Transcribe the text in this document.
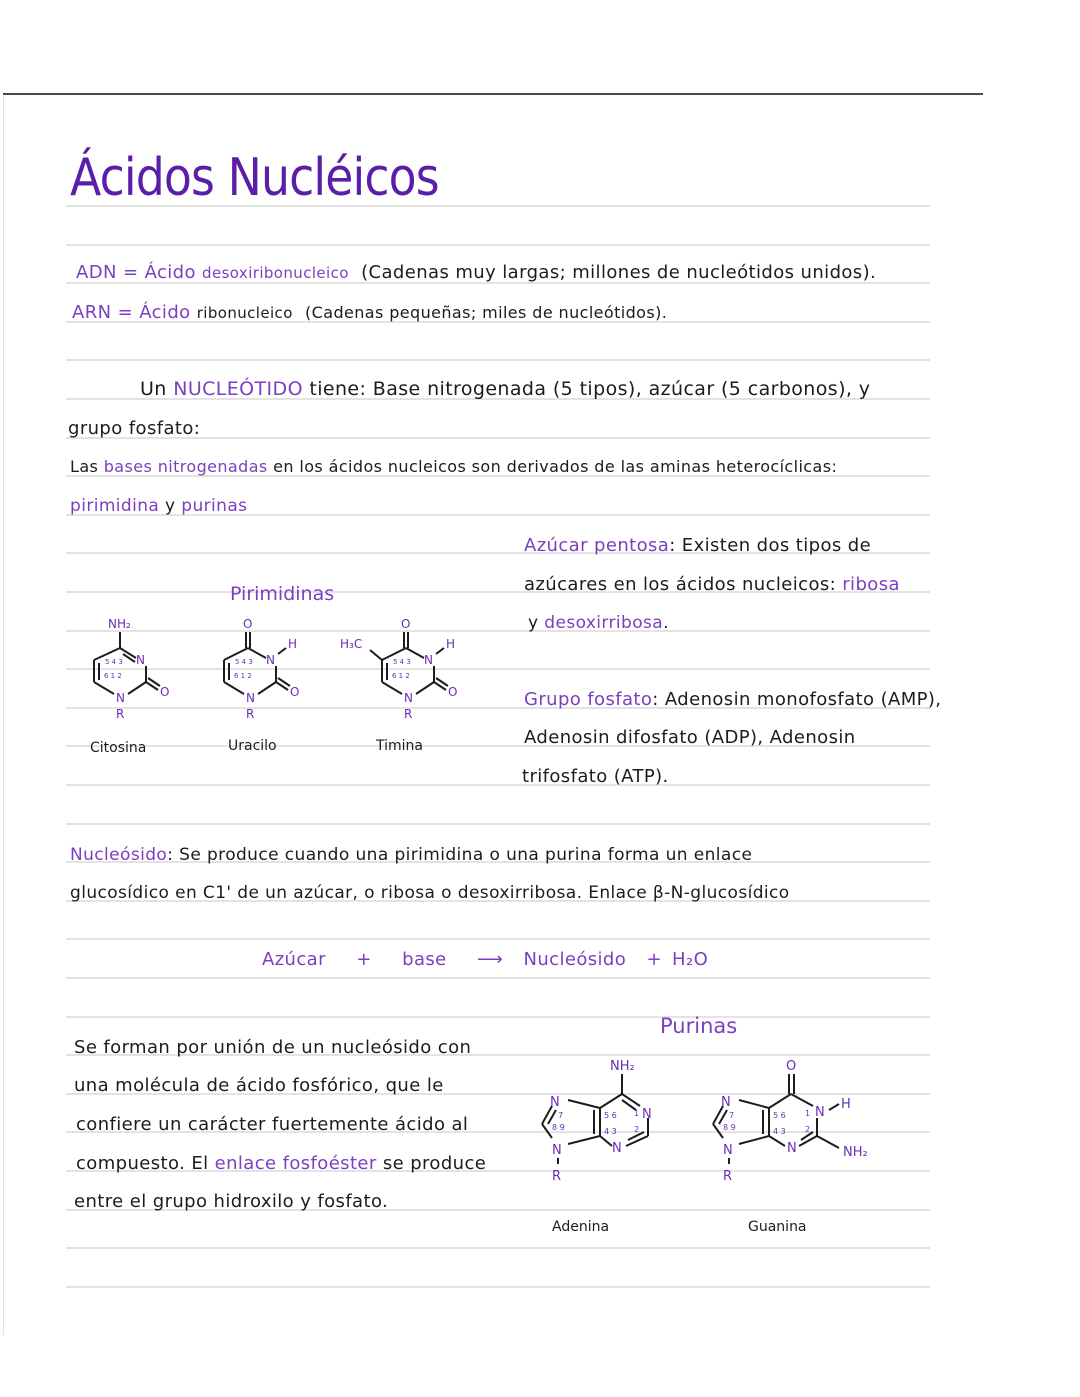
Ácidos Nucléicos
ADN = Ácido desoxiribonucleico (Cadenas muy largas; millones de nucleótidos unidos).
ARN = Ácido ribonucleico (Cadenas pequeñas; miles de nucleótidos).
Un NUCLEÓTIDO tiene: Base nitrogenada (5 tipos), azúcar (5 carbonos), y
grupo fosfato:
Las bases nitrogenadas en los ácidos nucleicos son derivados de las aminas heterocíclicas:
pirimidina y purinas
Pirimidinas
NH₂
N
N	O
R
5 4 3
6 1 2
Citosina
O
N
H
N	O
R
5 4 3
6 1 2
Uracilo
H₃C
O
N
H
N	O
R
5 4 3
6 1 2
Timina
Azúcar pentosa: Existen dos tipos de
azúcares en los ácidos nucleicos: ribosa
y desoxirribosa.
Grupo fosfato: Adenosin monofosfato (AMP),
Adenosin difosfato (ADP), Adenosin
trifosfato (ATP).
Nucleósido: Se produce cuando una pirimidina o una purina forma un enlace
glucosídico en C1' de un azúcar, o ribosa o desoxirribosa. Enlace β-N-glucosídico
Azúcar + base ⟶ Nucleósido + H₂O
Se forman por unión de un nucleósido con
una molécula de ácido fosfórico, que le
confiere un carácter fuertemente ácido al
compuesto. El enlace fosfoéster se produce
entre el grupo hidroxilo y fosfato.
Purinas
NH₂
N
N
N
N
R
7	5 6
4 3
1
2
8 9
Adenina
O
N
N
H
N	NH₂
N
R
7	5 6
4 3
1
2
8 9
Guanina
